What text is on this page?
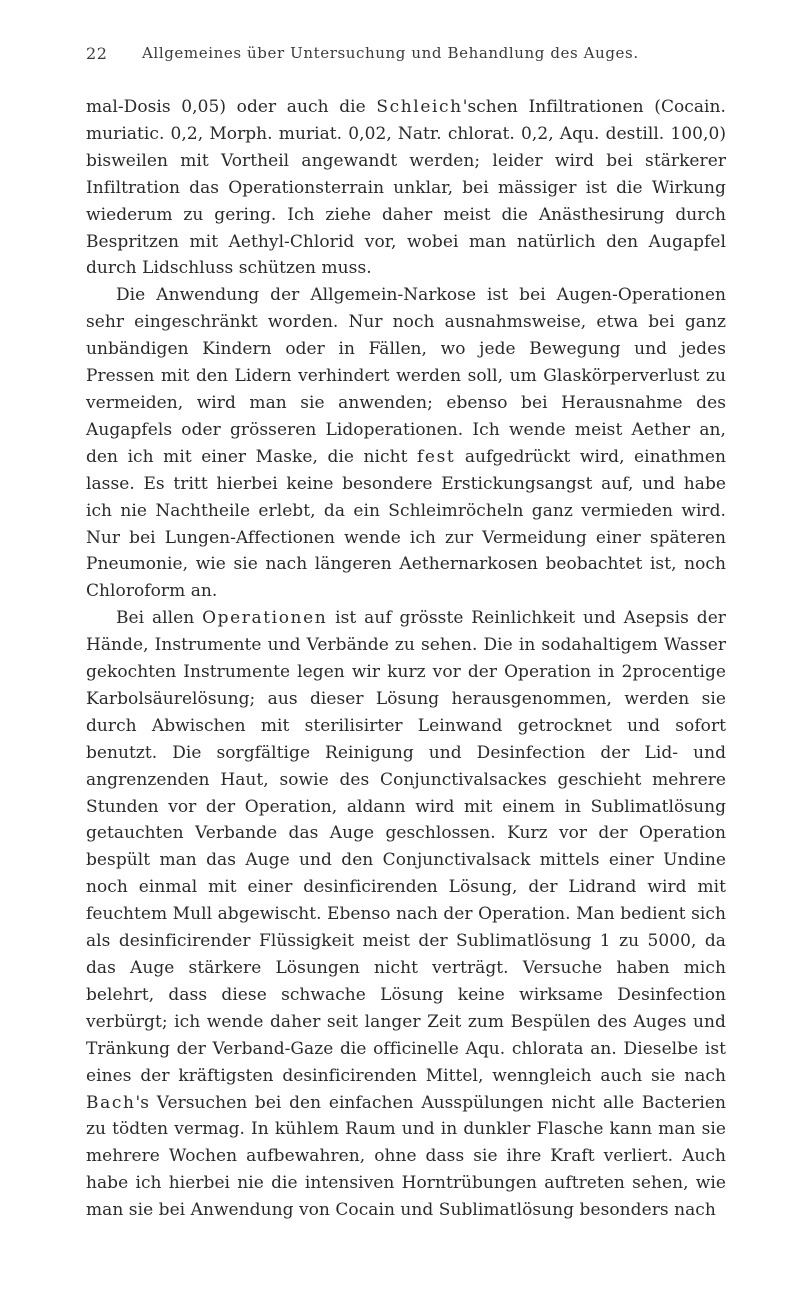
22 Allgemeines über Untersuchung und Behandlung des Auges.

mal-Dosis 0,05) oder auch die Schleich'schen Infiltrationen (Cocain. muriatic. 0,2, Morph. muriat. 0,02, Natr. chlorat. 0,2, Aqu. destill. 100,0) bisweilen mit Vortheil angewandt werden; leider wird bei stärkerer Infiltration das Operationsterrain unklar, bei mässiger ist die Wirkung wiederum zu gering. Ich ziehe daher meist die Anästhesirung durch Bespritzen mit Aethyl-Chlorid vor, wobei man natürlich den Augapfel durch Lidschluss schützen muss.

Die Anwendung der Allgemein-Narkose ist bei Augen-Operationen sehr eingeschränkt worden. Nur noch ausnahmsweise, etwa bei ganz unbändigen Kindern oder in Fällen, wo jede Bewegung und jedes Pressen mit den Lidern verhindert werden soll, um Glaskörperverlust zu vermeiden, wird man sie anwenden; ebenso bei Herausnahme des Augapfels oder grösseren Lidoperationen. Ich wende meist Aether an, den ich mit einer Maske, die nicht fest aufgedrückt wird, einathmen lasse. Es tritt hierbei keine besondere Erstickungsangst auf, und habe ich nie Nachtheile erlebt, da ein Schleimröcheln ganz vermieden wird. Nur bei Lungen-Affectionen wende ich zur Vermeidung einer späteren Pneumonie, wie sie nach längeren Aethernarkosen beobachtet ist, noch Chloroform an.

Bei allen Operationen ist auf grösste Reinlichkeit und Asepsis der Hände, Instrumente und Verbände zu sehen. Die in sodahaltigem Wasser gekochten Instrumente legen wir kurz vor der Operation in 2procentige Karbolsäurelösung; aus dieser Lösung herausgenommen, werden sie durch Abwischen mit sterilisirter Leinwand getrocknet und sofort benutzt. Die sorgfältige Reinigung und Desinfection der Lid- und angrenzenden Haut, sowie des Conjunctivalsackes geschieht mehrere Stunden vor der Operation, aldann wird mit einem in Sublimatlösung getauchten Verbande das Auge geschlossen. Kurz vor der Operation bespült man das Auge und den Conjunctivalsack mittels einer Undine noch einmal mit einer desinficirenden Lösung, der Lidrand wird mit feuchtem Mull abgewischt. Ebenso nach der Operation. Man bedient sich als desinficirender Flüssigkeit meist der Sublimatlösung 1 zu 5000, da das Auge stärkere Lösungen nicht verträgt. Versuche haben mich belehrt, dass diese schwache Lösung keine wirksame Desinfection verbürgt; ich wende daher seit langer Zeit zum Bespülen des Auges und Tränkung der Verband-Gaze die officinelle Aqu. chlorata an. Dieselbe ist eines der kräftigsten desinficirenden Mittel, wenngleich auch sie nach Bach's Versuchen bei den einfachen Ausspülungen nicht alle Bacterien zu tödten vermag. In kühlem Raum und in dunkler Flasche kann man sie mehrere Wochen aufbewahren, ohne dass sie ihre Kraft verliert. Auch habe ich hierbei nie die intensiven Horntrübungen auftreten sehen, wie man sie bei Anwendung von Cocain und Sublimatlösung besonders nach
